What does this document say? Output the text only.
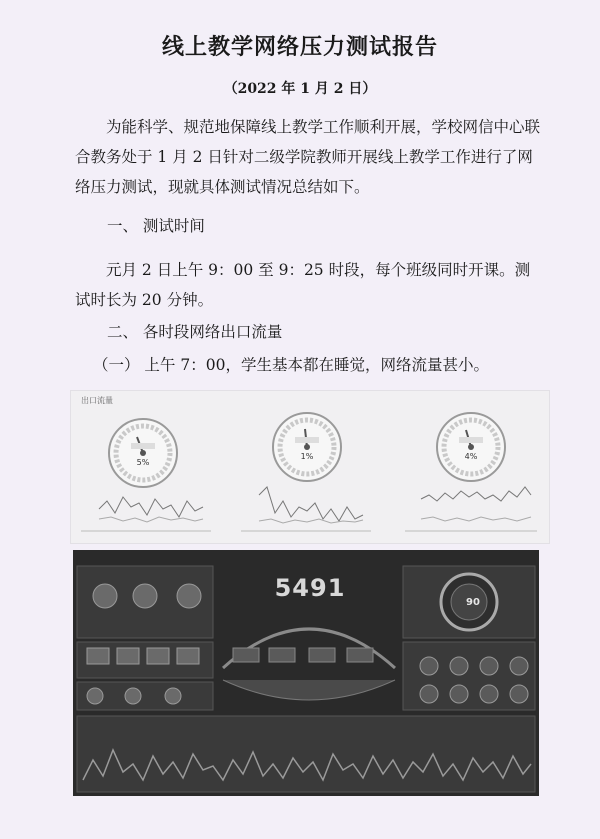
线上教学网络压力测试报告
（2022 年 1 月 2 日）
为能科学、规范地保障线上教学工作顺利开展，学校网信中心联合教务处于 1 月 2 日针对二级学院教师开展线上教学工作进行了网络压力测试，现就具体测试情况总结如下。
一、 测试时间
元月 2 日上午 9：00 至 9：25 时段，每个班级同时开课。测试时长为 20 分钟。
二、 各时段网络出口流量
（一） 上午 7：00，学生基本都在睡觉，网络流量甚小。
出口流量
5%
1%	4%
5491
90
